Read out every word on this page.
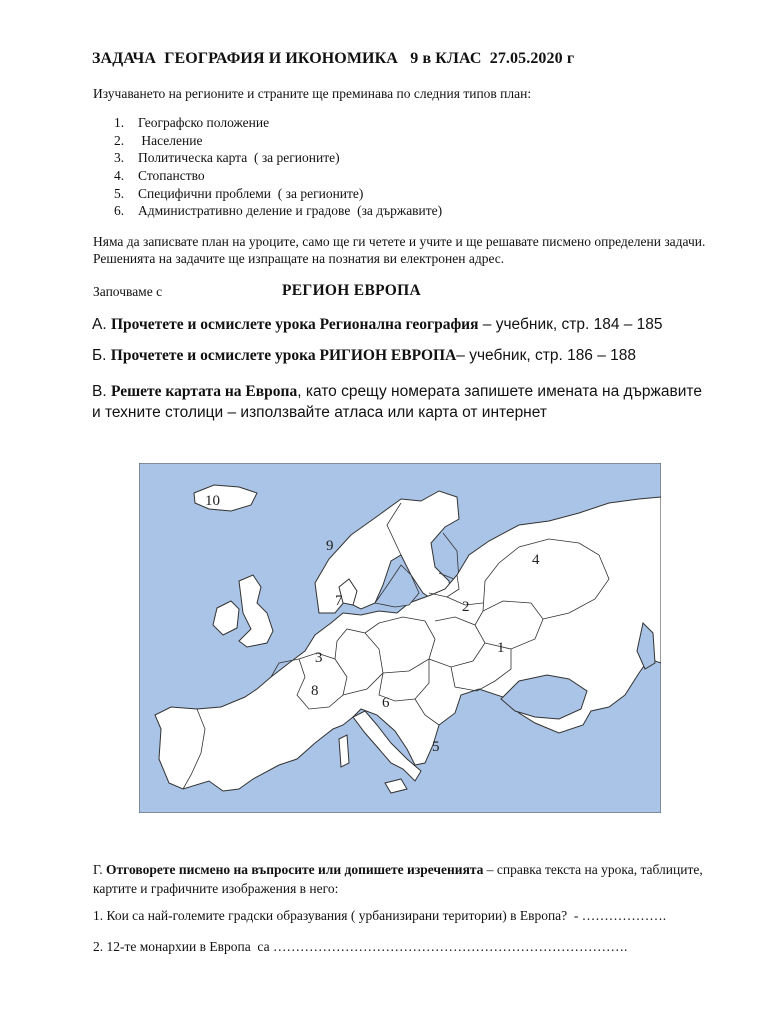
ЗАДАЧА  ГЕОГРАФИЯ И ИКОНОМИКА   9 в КЛАС  27.05.2020 г
Изучаването на регионите и страните ще преминава по следния типов план:
1. Географско положение
2. Население
3. Политическа карта  ( за регионите)
4. Стопанство
5. Специфични проблеми  ( за регионите)
6. Административно деление и градове  (за държавите)
Няма да записвате план на уроците, само ще ги четете и учите и ще решавате писмено определени задачи. Решенията на задачите ще изпращате на познатия ви електронен адрес.
Започваме с	РЕГИОН ЕВРОПА
А. Прочетете и осмислете урока Регионална география – учебник, стр. 184 – 185
Б. Прочетете и осмислете урока РИГИОН ЕВРОПА– учебник, стр. 186 – 188
В. Решете картата на Европа, като срещу номерата запишете имената на държавите и техните столици – използвайте атласа или карта от интернет
1
2
3
4
5
6
7
8
9
10
Г. Отговорете писмено на въпросите или допишете изреченията – справка текста на урока, таблиците, картите и графичните изображения в него:
1. Кои са най-големите градски образувания ( урбанизирани територии) в Европа?  - ……………….
2. 12-те монархии в Европа  са …………………………………………………………………….
